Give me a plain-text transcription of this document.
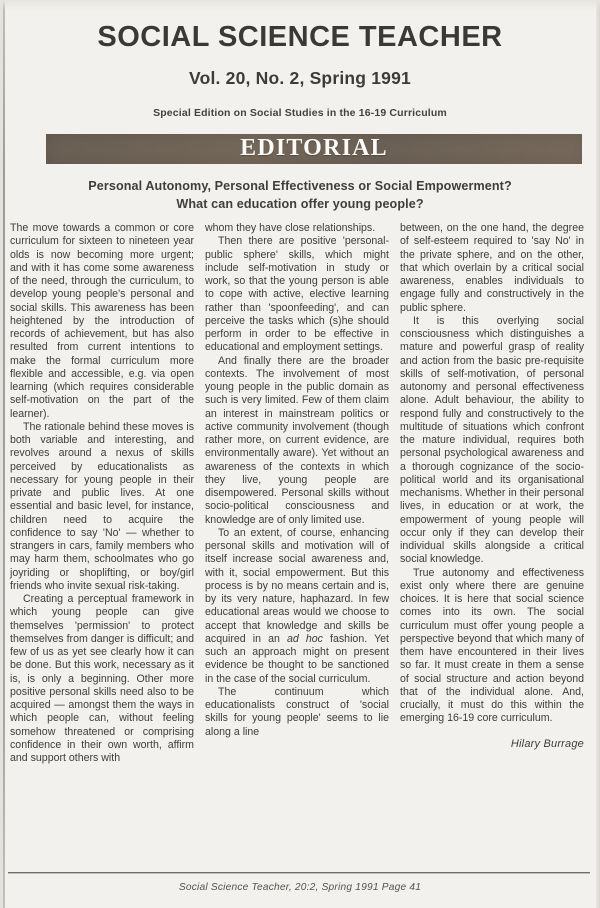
SOCIAL SCIENCE TEACHER
Vol. 20, No. 2, Spring 1991
Special Edition on Social Studies in the 16-19 Curriculum
EDITORIAL
Personal Autonomy, Personal Effectiveness or Social Empowerment?
What can education offer young people?

The move towards a common or core curriculum for sixteen to nineteen year olds is now becoming more urgent; and with it has come some awareness of the need, through the curriculum, to develop young people's personal and social skills. This awareness has been heightened by the introduction of records of achievement, but has also resulted from current intentions to make the formal curriculum more flexible and accessible, e.g. via open learning (which requires considerable self-motivation on the part of the learner).

The rationale behind these moves is both variable and interesting, and revolves around a nexus of skills perceived by educationalists as necessary for young people in their private and public lives. At one essential and basic level, for instance, children need to acquire the confidence to say 'No' — whether to strangers in cars, family members who may harm them, schoolmates who go joyriding or shoplifting, or boy/girl friends who invite sexual risk-taking.

Creating a perceptual framework in which young people can give themselves 'permission' to protect themselves from danger is difficult; and few of us as yet see clearly how it can be done. But this work, necessary as it is, is only a beginning. Other more positive personal skills need also to be acquired — amongst them the ways in which people can, without feeling somehow threatened or comprising confidence in their own worth, affirm and support others with

whom they have close relationships.

Then there are positive 'personal-public sphere' skills, which might include self-motivation in study or work, so that the young person is able to cope with active, elective learning rather than 'spoonfeeding', and can perceive the tasks which (s)he should perform in order to be effective in educational and employment settings.

And finally there are the broader contexts. The involvement of most young people in the public domain as such is very limited. Few of them claim an interest in mainstream politics or active community involvement (though rather more, on current evidence, are environmentally aware). Yet without an awareness of the contexts in which they live, young people are disempowered. Personal skills without socio-political consciousness and knowledge are of only limited use.

To an extent, of course, enhancing personal skills and motivation will of itself increase social awareness and, with it, social empowerment. But this process is by no means certain and is, by its very nature, haphazard. In few educational areas would we choose to accept that knowledge and skills be acquired in an ad hoc fashion. Yet such an approach might on present evidence be thought to be sanctioned in the case of the social curriculum.

The continuum which educationalists construct of 'social skills for young people' seems to lie along a line

between, on the one hand, the degree of self-esteem required to 'say No' in the private sphere, and on the other, that which overlain by a critical social awareness, enables individuals to engage fully and constructively in the public sphere.

It is this overlying social consciousness which distinguishes a mature and powerful grasp of reality and action from the basic pre-requisite skills of self-motivation, of personal autonomy and personal effectiveness alone. Adult behaviour, the ability to respond fully and constructively to the multitude of situations which confront the mature individual, requires both personal psychological awareness and a thorough cognizance of the socio-political world and its organisational mechanisms. Whether in their personal lives, in education or at work, the empowerment of young people will occur only if they can develop their individual skills alongside a critical social knowledge.

True autonomy and effectiveness exist only where there are genuine choices. It is here that social science comes into its own. The social curriculum must offer young people a perspective beyond that which many of them have encountered in their lives so far. It must create in them a sense of social structure and action beyond that of the individual alone. And, crucially, it must do this within the emerging 16-19 core curriculum.

Hilary Burrage
Social Science Teacher, 20:2, Spring 1991 Page 41
